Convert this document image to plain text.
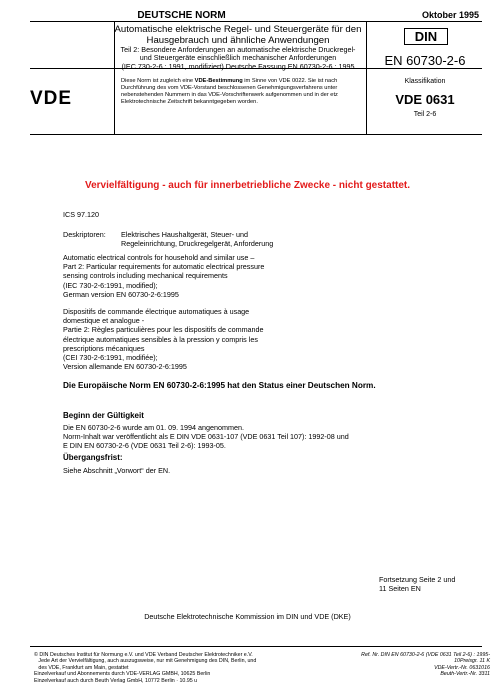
DEUTSCHE NORM	Oktober 1995
Automatische elektrische Regel- und Steuergeräte für den
Hausgebrauch und ähnliche Anwendungen
Teil 2: Besondere Anforderungen an automatische elektrische Druckregel-
und Steuergeräte einschließlich mechanischer Anforderungen
(IEC 730-2-6 : 1991, modifiziert) Deutsche Fassung EN 60730-2-6 : 1995
DIN
EN 60730-2-6
VDE
Diese Norm ist zugleich eine VDE-Bestimmung im Sinne von VDE 0022. Sie ist nach Durchführung des vom VDE-Vorstand beschlossenen Genehmigungsverfahrens unter nebenstehenden Nummern in das VDE-Vorschriftenwerk aufgenommen und in der etz Elektrotechnische Zeitschrift bekanntgegeben worden.
Klassifikation
VDE 0631
Teil 2-6
Vervielfältigung - auch für innerbetriebliche Zwecke - nicht gestattet.
ICS 97.120
Deskriptoren: Elektrisches Haushaltgerät, Steuer- und
Regeleinrichtung, Druckregelgerät, Anforderung
Automatic electrical controls for household and similar use –
Part 2: Particular requirements for automatic electrical pressure
sensing controls including mechanical requirements
(IEC 730-2-6:1991, modified);
German version EN 60730-2-6:1995
Dispositifs de commande électrique automatiques à usage
domestique et analogue -
Partie 2: Règles particulières pour les dispositifs de commande
électrique automatiques sensibles à la pression y compris les
prescriptions mécaniques
(CEI 730-2-6:1991, modifiée);
Version allemande EN 60730-2-6:1995
Die Europäische Norm EN 60730-2-6:1995 hat den Status einer Deutschen Norm.
Beginn der Gültigkeit
Die EN 60730-2-6 wurde am 01. 09. 1994 angenommen.
Norm-Inhalt war veröffentlicht als E DIN VDE 0631-107 (VDE 0631 Teil 107): 1992-08 und
E DIN EN 60730-2-6 (VDE 0631 Teil 2-6): 1993-05.
Übergangsfrist:
Siehe Abschnitt „Vorwort“ der EN.
Fortsetzung Seite 2 und
11 Seiten EN
Deutsche Elektrotechnische Kommission im DIN und VDE (DKE)
© DIN Deutsches Institut für Normung e.V. und VDE Verband Deutscher Elektrotechniker e.V.
Jede Art der Vervielfältigung, auch auszugsweise, nur mit Genehmigung des DIN, Berlin, und
des VDE, Frankfurt am Main, gestattet
Einzelverkauf und Abonnements durch VDE-VERLAG GMBH, 10625 Berlin
Einzelverkauf auch durch Beuth Verlag GmbH, 10772 Berlin · 10.95 u
Ref. Nr. DIN EN 60730-2-6 (VDE 0631 Teil 2-6) : 1995-
10Preisgr. 11 K
VDE-Vertr.-Nr. 0631016
Beuth-Vertr.-Nr. 3311
